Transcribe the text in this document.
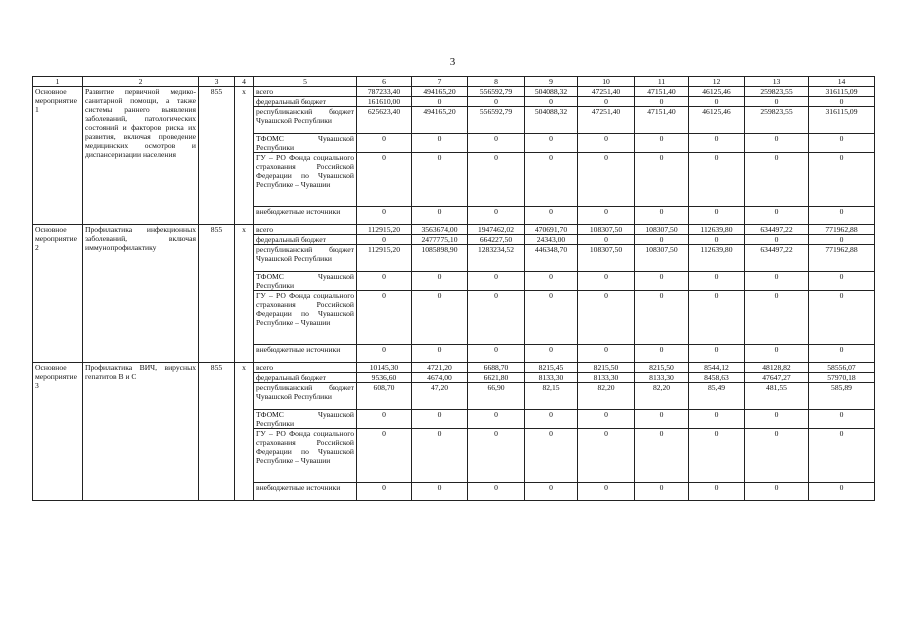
3
1	2	3	4	5	6	7	8	9	10	11	12	13	14
Основное мероприятие 1	Развитие первичной медико-санитарной помощи, а также системы раннего выявления заболеваний, патологических состояний и факторов риска их развития, включая проведение медицинских осмотров и диспансеризации населения	855	x	всего	787233,40	494165,20	556592,79	504088,32	47251,40	47151,40	46125,46	259823,55	316115,09
				федеральный бюджет	161610,00	0	0	0	0	0	0	0	0
				республиканский бюджет Чувашской Республики	625623,40	494165,20	556592,79	504088,32	47251,40	47151,40	46125,46	259823,55	316115,09
				ТФОМС Чувашской Республики	0	0	0	0	0	0	0	0	0
				ГУ – РО Фонда социального страхования Российской Федерации по Чувашской Республике – Чувашии	0	0	0	0	0	0	0	0	0
				внебюджетные источники	0	0	0	0	0	0	0	0	0
Основное мероприятие 2	Профилактика инфекционных заболеваний, включая иммунопрофилактику	855	x	всего	112915,20	3563674,00	1947462,02	470691,70	108307,50	108307,50	112639,80	634497,22	771962,88
				федеральный бюджет	0	2477775,10	664227,50	24343,00	0	0	0	0	0
				республиканский бюджет Чувашской Республики	112915,20	1085898,90	1283234,52	446348,70	108307,50	108307,50	112639,80	634497,22	771962,88
				ТФОМС Чувашской Республики	0	0	0	0	0	0	0	0	0
				ГУ – РО Фонда социального страхования Российской Федерации по Чувашской Республике – Чувашии	0	0	0	0	0	0	0	0	0
				внебюджетные источники	0	0	0	0	0	0	0	0	0
Основное мероприятие 3	Профилактика ВИЧ, вирусных гепатитов В и С	855	x	всего	10145,30	4721,20	6688,70	8215,45	8215,50	8215,50	8544,12	48128,82	58556,07
				федеральный бюджет	9536,60	4674,00	6621,80	8133,30	8133,30	8133,30	8458,63	47647,27	57970,18
				республиканский бюджет Чувашской Республики	608,70	47,20	66,90	82,15	82,20	82,20	85,49	481,55	585,89
				ТФОМС Чувашской Республики	0	0	0	0	0	0	0	0	0
				ГУ – РО Фонда социального страхования Российской Федерации по Чувашской Республике – Чувашии	0	0	0	0	0	0	0	0	0
				внебюджетные источники	0	0	0	0	0	0	0	0	0
